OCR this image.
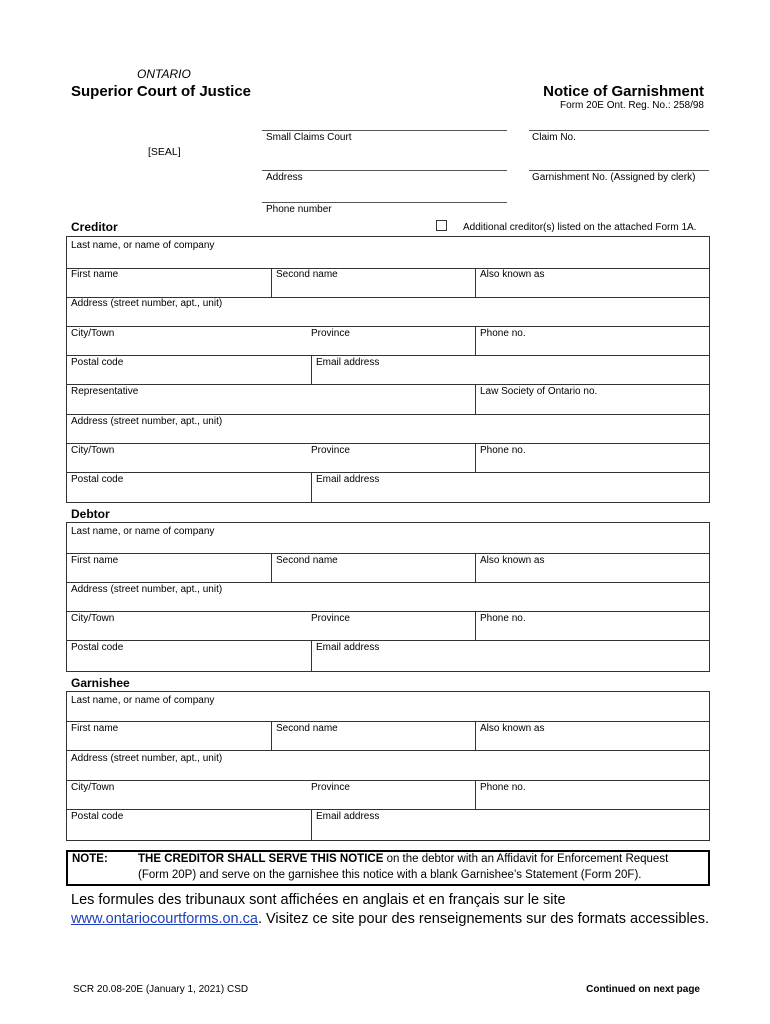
ONTARIO
Superior Court of Justice	Notice of Garnishment
Form 20E Ont. Reg. No.: 258/98
Small Claims Court	Claim No.
[SEAL]
Address	Garnishment No. (Assigned by clerk)
Phone number
Creditor	Additional creditor(s) listed on the attached Form 1A.
Last name, or name of company
First name	Second name	Also known as
Address (street number, apt., unit)
City/Town	Province	Phone no.
Postal code	Email address
Representative	Law Society of Ontario no.
Address (street number, apt., unit)
City/Town	Province	Phone no.
Postal code	Email address
Debtor
Last name, or name of company
First name	Second name	Also known as
Address (street number, apt., unit)
City/Town	Province	Phone no.
Postal code	Email address
Garnishee
Last name, or name of company
First name	Second name	Also known as
Address (street number, apt., unit)
City/Town	Province	Phone no.
Postal code	Email address
NOTE:	THE CREDITOR SHALL SERVE THIS NOTICE on the debtor with an Affidavit for Enforcement Request
(Form 20P) and serve on the garnishee this notice with a blank Garnishee’s Statement (Form 20F).
Les formules des tribunaux sont affichées en anglais et en français sur le site
www.ontariocourtforms.on.ca. Visitez ce site pour des renseignements sur des formats accessibles.
SCR 20.08-20E (January 1, 2021) CSD	Continued on next page
